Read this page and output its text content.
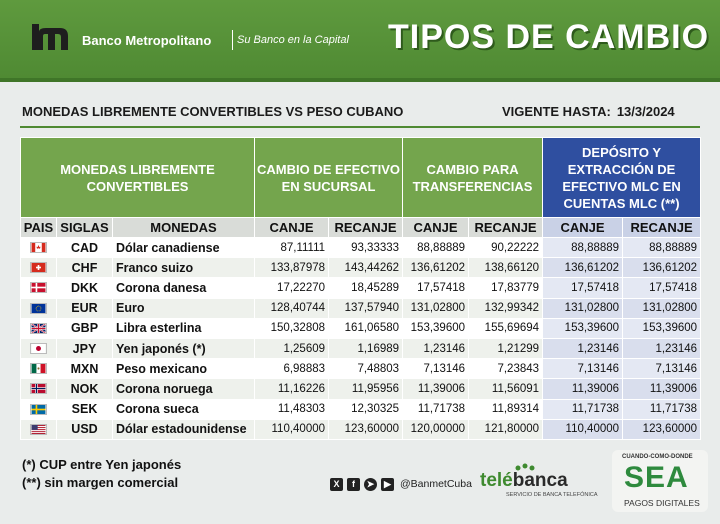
Banco Metropolitano Su Banco en la Capital TIPOS DE CAMBIO
MONEDAS LIBREMENTE CONVERTIBLES VS PESO CUBANO	VIGENTE HASTA: 13/3/2024
MONEDAS LIBREMENTE CONVERTIBLES			CAMBIO DE EFECTIVO EN SUCURSAL		CAMBIO PARA TRANSFERENCIAS		DEPÓSITO Y EXTRACCIÓN DE EFECTIVO MLC EN CUENTAS MLC (**)	
PAIS	SIGLAS	MONEDAS	CANJE	RECANJE	CANJE	RECANJE	CANJE	RECANJE
	CAD	Dólar canadiense	87,11111	93,33333	88,88889	90,22222	88,88889	88,88889
	CHF	Franco suizo	133,87978	143,44262	136,61202	138,66120	136,61202	136,61202
	DKK	Corona danesa	17,22270	18,45289	17,57418	17,83779	17,57418	17,57418
	EUR	Euro	128,40744	137,57940	131,02800	132,99342	131,02800	131,02800
	GBP	Libra esterlina	150,32808	161,06580	153,39600	155,69694	153,39600	153,39600
	JPY	Yen japonés (*)	1,25609	1,16989	1,23146	1,21299	1,23146	1,23146
	MXN	Peso mexicano	6,98883	7,48803	7,13146	7,23843	7,13146	7,13146
	NOK	Corona noruega	11,16226	11,95956	11,39006	11,56091	11,39006	11,39006
	SEK	Corona sueca	11,48303	12,30325	11,71738	11,89314	11,71738	11,71738
	USD	Dólar estadounidense	110,40000	123,60000	120,00000	121,80000	110,40000	123,60000
(*) CUP entre Yen japonés
(**) sin margen comercial	X	f	➤	▶ @BanmetCuba telébanca
SERVICIO DE BANCA TELEFÓNICA
CUANDO-COMO-DONDE
SEA
PAGOS DIGITALES
